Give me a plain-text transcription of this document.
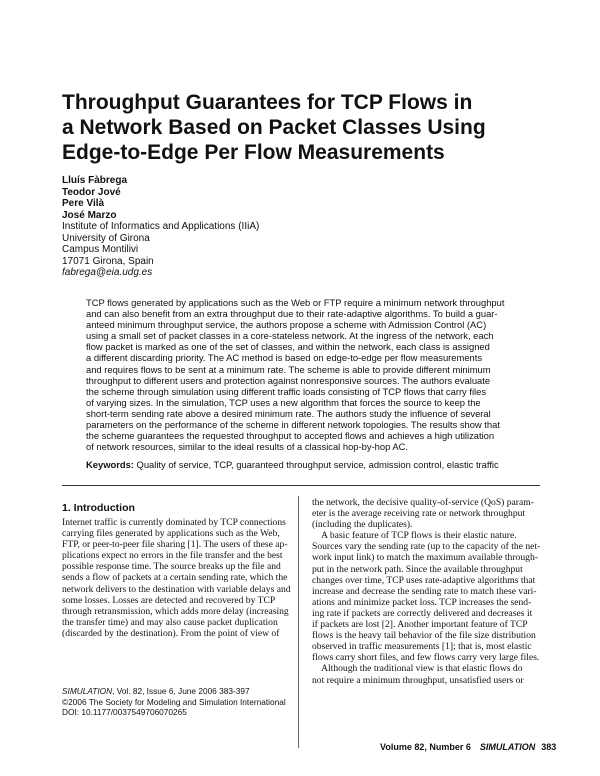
Throughput Guarantees for TCP Flows in
a Network Based on Packet Classes Using
Edge-to-Edge Per Flow Measurements
Lluís Fàbrega
Teodor Jové
Pere Vilà
José Marzo
Institute of Informatics and Applications (IIiA)
University of Girona
Campus Montilivi
17071 Girona, Spain
fabrega@eia.udg.es
TCP flows generated by applications such as the Web or FTP require a minimum network throughput
and can also benefit from an extra throughput due to their rate-adaptive algorithms. To build a guar-
anteed minimum throughput service, the authors propose a scheme with Admission Control (AC)
using a small set of packet classes in a core-stateless network. At the ingress of the network, each
flow packet is marked as one of the set of classes, and within the network, each class is assigned
a different discarding priority. The AC method is based on edge-to-edge per flow measurements
and requires flows to be sent at a minimum rate. The scheme is able to provide different minimum
throughput to different users and protection against nonresponsive sources. The authors evaluate
the scheme through simulation using different traffic loads consisting of TCP flows that carry files
of varying sizes. In the simulation, TCP uses a new algorithm that forces the source to keep the
short-term sending rate above a desired minimum rate. The authors study the influence of several
parameters on the performance of the scheme in different network topologies. The results show that
the scheme guarantees the requested throughput to accepted flows and achieves a high utilization
of network resources, similar to the ideal results of a classical hop-by-hop AC.
Keywords: Quality of service, TCP, guaranteed throughput service, admission control, elastic traffic
1. Introduction
Internet traffic is currently dominated by TCP connections
carrying files generated by applications such as the Web,
FTP, or peer-to-peer file sharing [1]. The users of these ap-
plications expect no errors in the file transfer and the best
possible response time. The source breaks up the file and
sends a flow of packets at a certain sending rate, which the
network delivers to the destination with variable delays and
some losses. Losses are detected and recovered by TCP
through retransmission, which adds more delay (increasing
the transfer time) and may also cause packet duplication
(discarded by the destination). From the point of view of
the network, the decisive quality-of-service (QoS) param-
eter is the average receiving rate or network throughput
(including the duplicates).
A basic feature of TCP flows is their elastic nature.
Sources vary the sending rate (up to the capacity of the net-
work input link) to match the maximum available through-
put in the network path. Since the available throughput
changes over time, TCP uses rate-adaptive algorithms that
increase and decrease the sending rate to match these vari-
ations and minimize packet loss. TCP increases the send-
ing rate if packets are correctly delivered and decreases it
if packets are lost [2]. Another important feature of TCP
flows is the heavy tail behavior of the file size distribution
observed in traffic measurements [1]; that is, most elastic
flows carry short files, and few flows carry very large files.
Although the traditional view is that elastic flows do
not require a minimum throughput, unsatisfied users or
SIMULATION, Vol. 82, Issue 6, June 2006 383-397
©2006 The Society for Modeling and Simulation International
DOI: 10.1177/0037549706070265
Volume 82, Number 6 SIMULATION 383
